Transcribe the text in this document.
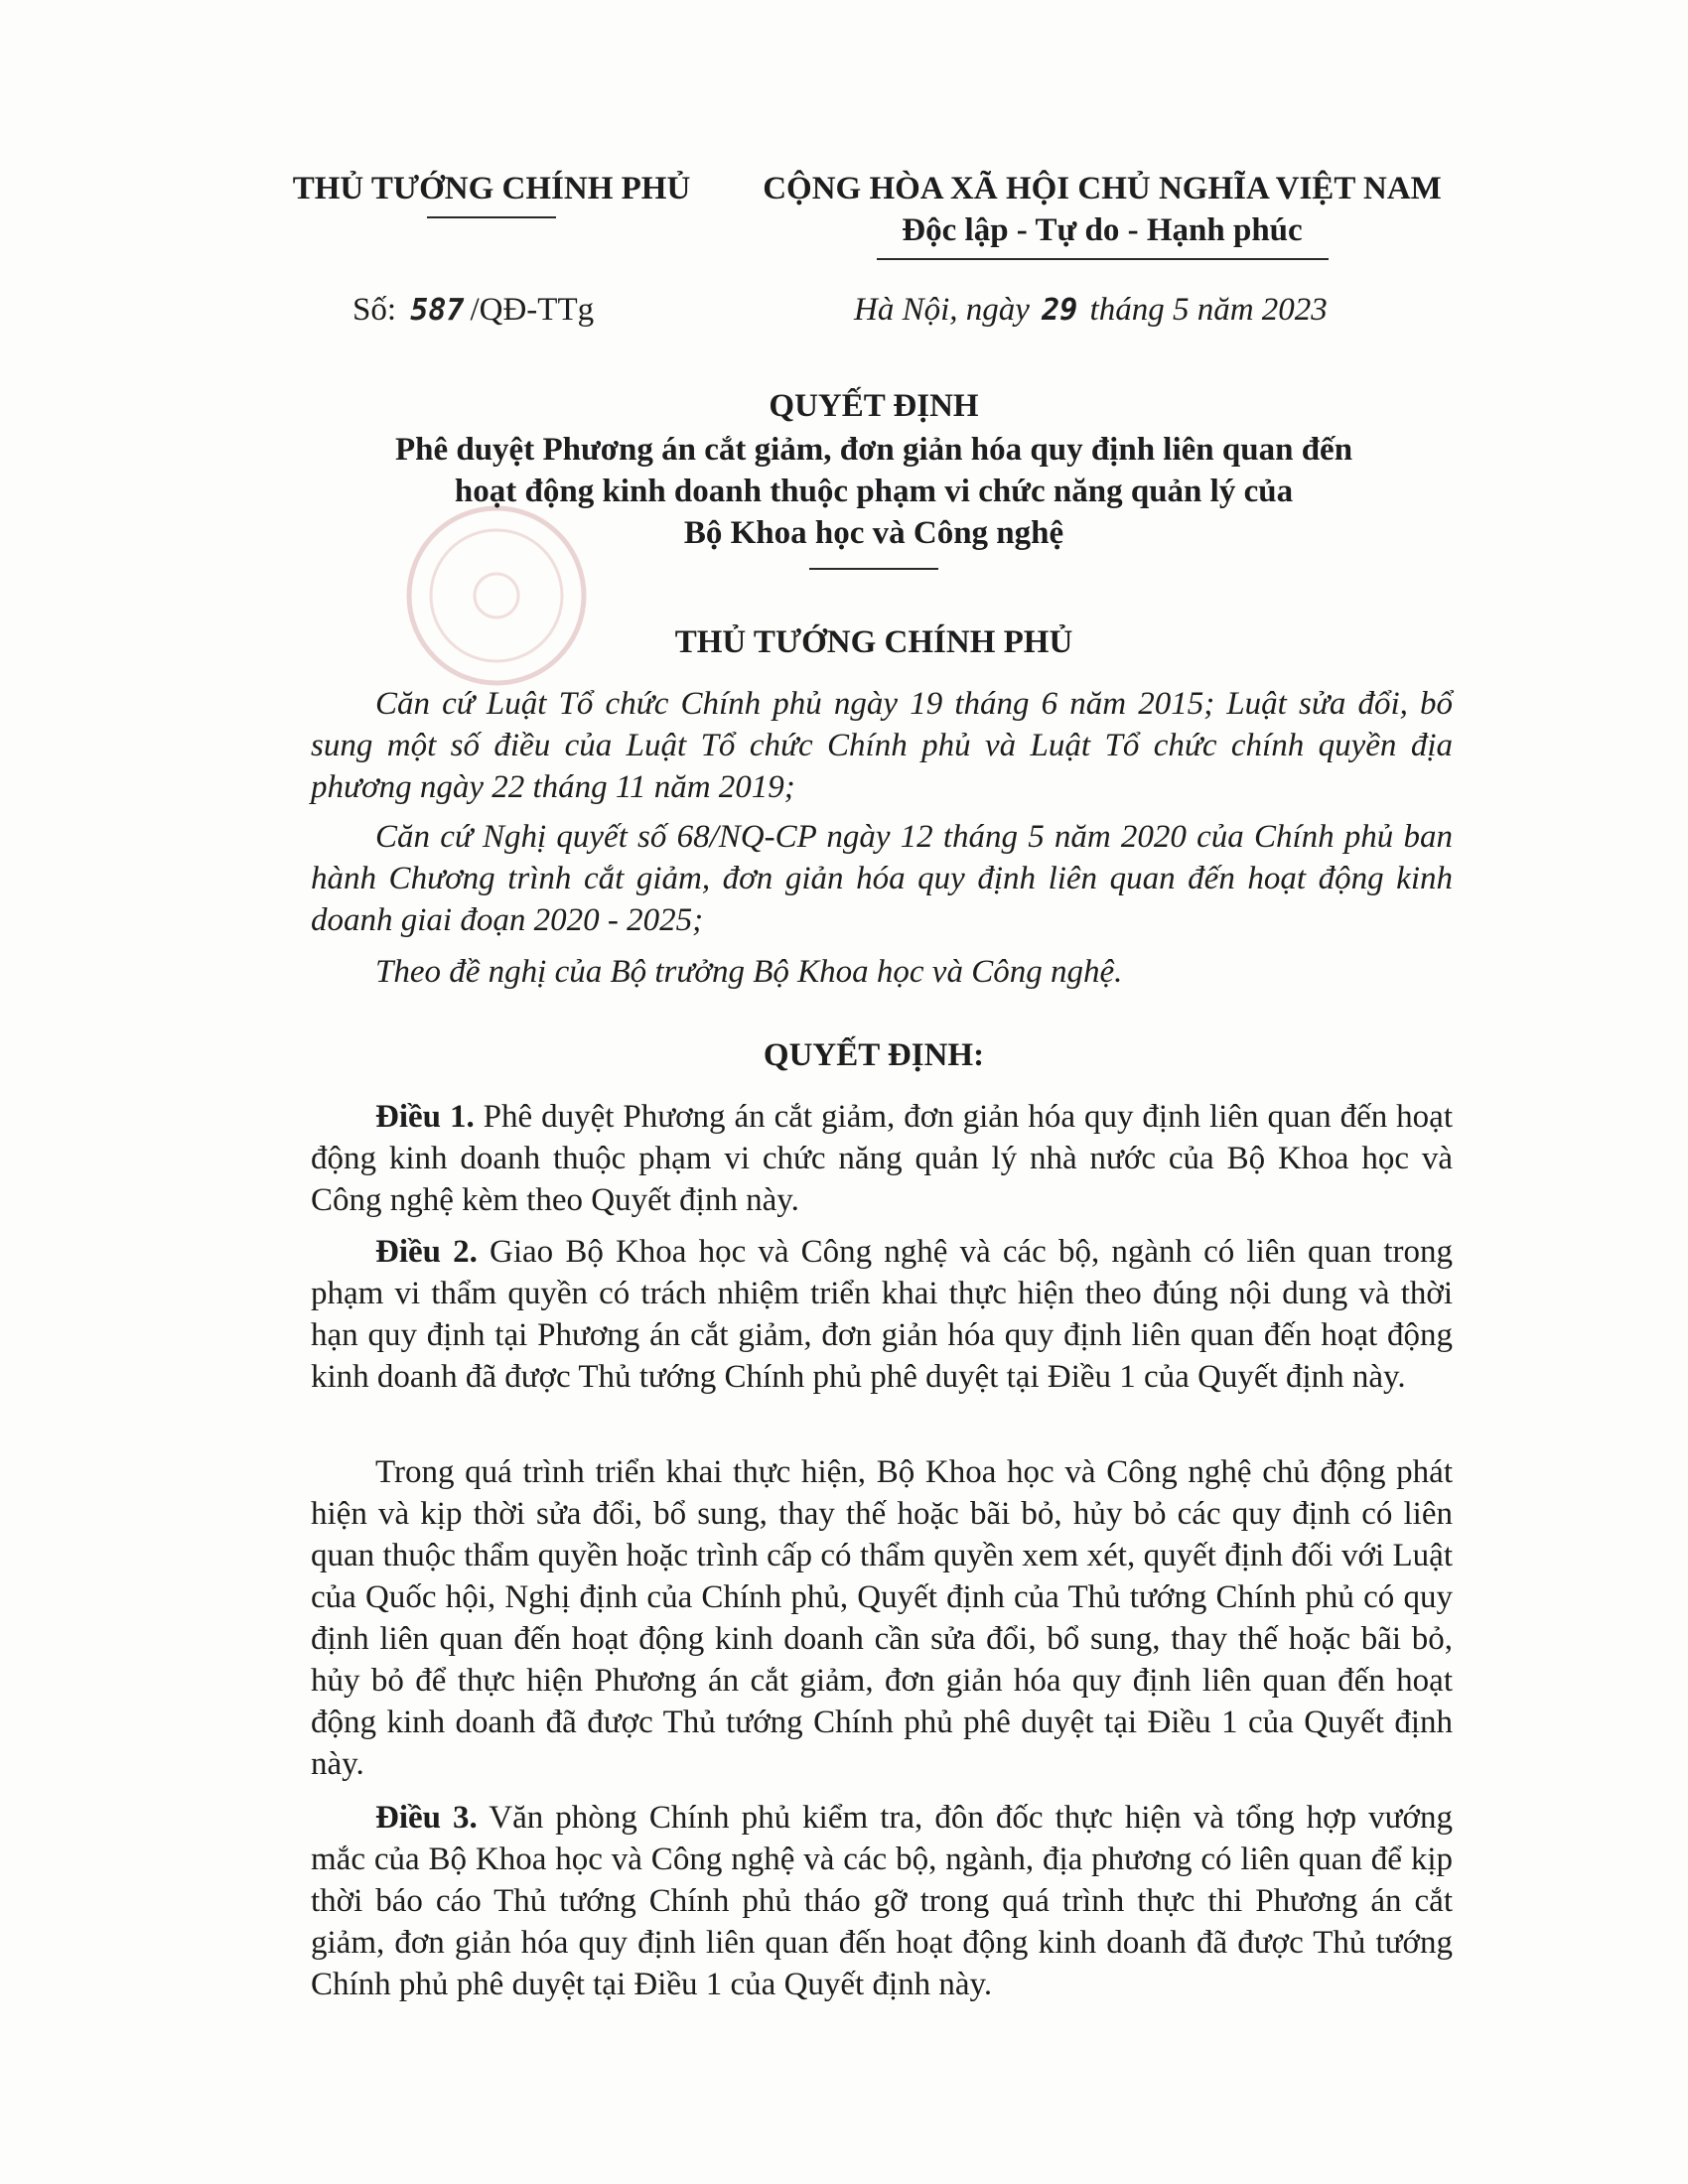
THỦ TƯỚNG CHÍNH PHỦ	CỘNG HÒA XÃ HỘI CHỦ NGHĨA VIỆT NAM
Độc lập - Tự do - Hạnh phúc
Số: 587 /QĐ-TTg	Hà Nội, ngày 29 tháng 5 năm 2023
QUYẾT ĐỊNH
Phê duyệt Phương án cắt giảm, đơn giản hóa quy định liên quan đến
hoạt động kinh doanh thuộc phạm vi chức năng quản lý của
Bộ Khoa học và Công nghệ
THỦ TƯỚNG CHÍNH PHỦ
Căn cứ Luật Tổ chức Chính phủ ngày 19 tháng 6 năm 2015; Luật sửa đổi, bổ sung một số điều của Luật Tổ chức Chính phủ và Luật Tổ chức chính quyền địa phương ngày 22 tháng 11 năm 2019;
Căn cứ Nghị quyết số 68/NQ-CP ngày 12 tháng 5 năm 2020 của Chính phủ ban hành Chương trình cắt giảm, đơn giản hóa quy định liên quan đến hoạt động kinh doanh giai đoạn 2020 - 2025;
Theo đề nghị của Bộ trưởng Bộ Khoa học và Công nghệ.
QUYẾT ĐỊNH:
Điều 1. Phê duyệt Phương án cắt giảm, đơn giản hóa quy định liên quan đến hoạt động kinh doanh thuộc phạm vi chức năng quản lý nhà nước của Bộ Khoa học và Công nghệ kèm theo Quyết định này.
Điều 2. Giao Bộ Khoa học và Công nghệ và các bộ, ngành có liên quan trong phạm vi thẩm quyền có trách nhiệm triển khai thực hiện theo đúng nội dung và thời hạn quy định tại Phương án cắt giảm, đơn giản hóa quy định liên quan đến hoạt động kinh doanh đã được Thủ tướng Chính phủ phê duyệt tại Điều 1 của Quyết định này.
Trong quá trình triển khai thực hiện, Bộ Khoa học và Công nghệ chủ động phát hiện và kịp thời sửa đổi, bổ sung, thay thế hoặc bãi bỏ, hủy bỏ các quy định có liên quan thuộc thẩm quyền hoặc trình cấp có thẩm quyền xem xét, quyết định đối với Luật của Quốc hội, Nghị định của Chính phủ, Quyết định của Thủ tướng Chính phủ có quy định liên quan đến hoạt động kinh doanh cần sửa đổi, bổ sung, thay thế hoặc bãi bỏ, hủy bỏ để thực hiện Phương án cắt giảm, đơn giản hóa quy định liên quan đến hoạt động kinh doanh đã được Thủ tướng Chính phủ phê duyệt tại Điều 1 của Quyết định này.
Điều 3. Văn phòng Chính phủ kiểm tra, đôn đốc thực hiện và tổng hợp vướng mắc của Bộ Khoa học và Công nghệ và các bộ, ngành, địa phương có liên quan để kịp thời báo cáo Thủ tướng Chính phủ tháo gỡ trong quá trình thực thi Phương án cắt giảm, đơn giản hóa quy định liên quan đến hoạt động kinh doanh đã được Thủ tướng Chính phủ phê duyệt tại Điều 1 của Quyết định này.
